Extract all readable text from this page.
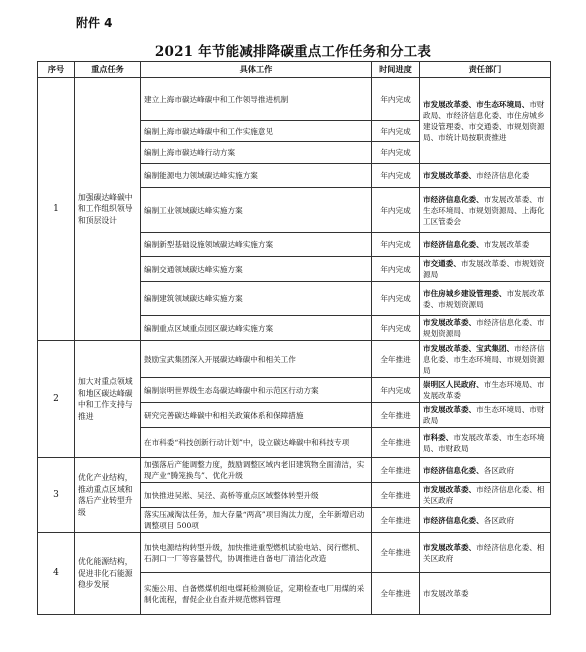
附件 4
2021 年节能减排降碳重点工作任务和分工表
序号	重点任务	具体工作	时间进度	责任部门
1	加强碳达峰碳中和工作组织领导和顶层设计	建立上海市碳达峰碳中和工作领导推进机制	年内完成	市发展改革委、市生态环境局、市财政局、市经济信息化委、市住房城乡建设管理委、市交通委、市规划资源局、市统计局按职责推进
		编制上海市碳达峰碳中和工作实施意见	年内完成	
		编制上海市碳达峰行动方案	年内完成	
		编制能源电力领域碳达峰实施方案	年内完成	市发展改革委、市经济信息化委
		编制工业领域碳达峰实施方案	年内完成	市经济信息化委、市发展改革委、市生态环境局、市规划资源局、上海化工区管委会
		编制新型基础设施领域碳达峰实施方案	年内完成	市经济信息化委、市发展改革委
		编制交通领域碳达峰实施方案	年内完成	市交通委、市发展改革委、市规划资源局
		编制建筑领域碳达峰实施方案	年内完成	市住房城乡建设管理委、市发展改革委、市规划资源局
		编制重点区域重点园区碳达峰实施方案	年内完成	市发展改革委、市经济信息化委、市规划资源局
2	加大对重点领域和地区碳达峰碳中和工作支持与推进	鼓励宝武集团深入开展碳达峰碳中和相关工作	全年推进	市发展改革委、宝武集团、市经济信息化委、市生态环境局、市规划资源局
		编制崇明世界级生态岛碳达峰碳中和示范区行动方案	年内完成	崇明区人民政府、市生态环境局、市发展改革委
		研究完善碳达峰碳中和相关政策体系和保障措施	全年推进	市发展改革委、市生态环境局、市财政局
		在市科委“科技创新行动计划”中，设立碳达峰碳中和科技专项	全年推进	市科委、市发展改革委、市生态环境局、市财政局
3	优化产业结构，推动重点区域和落后产业转型升级	加强落后产能调整力度，鼓励调整区域内老旧建筑物全面清洁，实现产业“腾笼换鸟”、优化升级	全年推进	市经济信息化委、各区政府
		加快推进吴淞、吴泾、高桥等重点区域整体转型升级	全年推进	市发展改革委、市经济信息化委、相关区政府
		落实压减淘汰任务，加大存量“两高”项目淘汰力度，全年新增启动调整项目 500项	全年推进	市经济信息化委、各区政府
4	优化能源结构，促进非化石能源稳步发展	加快电源结构转型升级，加快推进重型燃机试验电站、闵行燃机、石洞口一厂等容量替代，协调推进自备电厂清洁化改造	全年推进	市发展改革委、市经济信息化委、相关区政府
		实施公用、自备燃煤机组电煤耗检测验证，定期检查电厂用煤的采制化流程，督促企业自查并规范燃料管理	全年推进	市发展改革委
